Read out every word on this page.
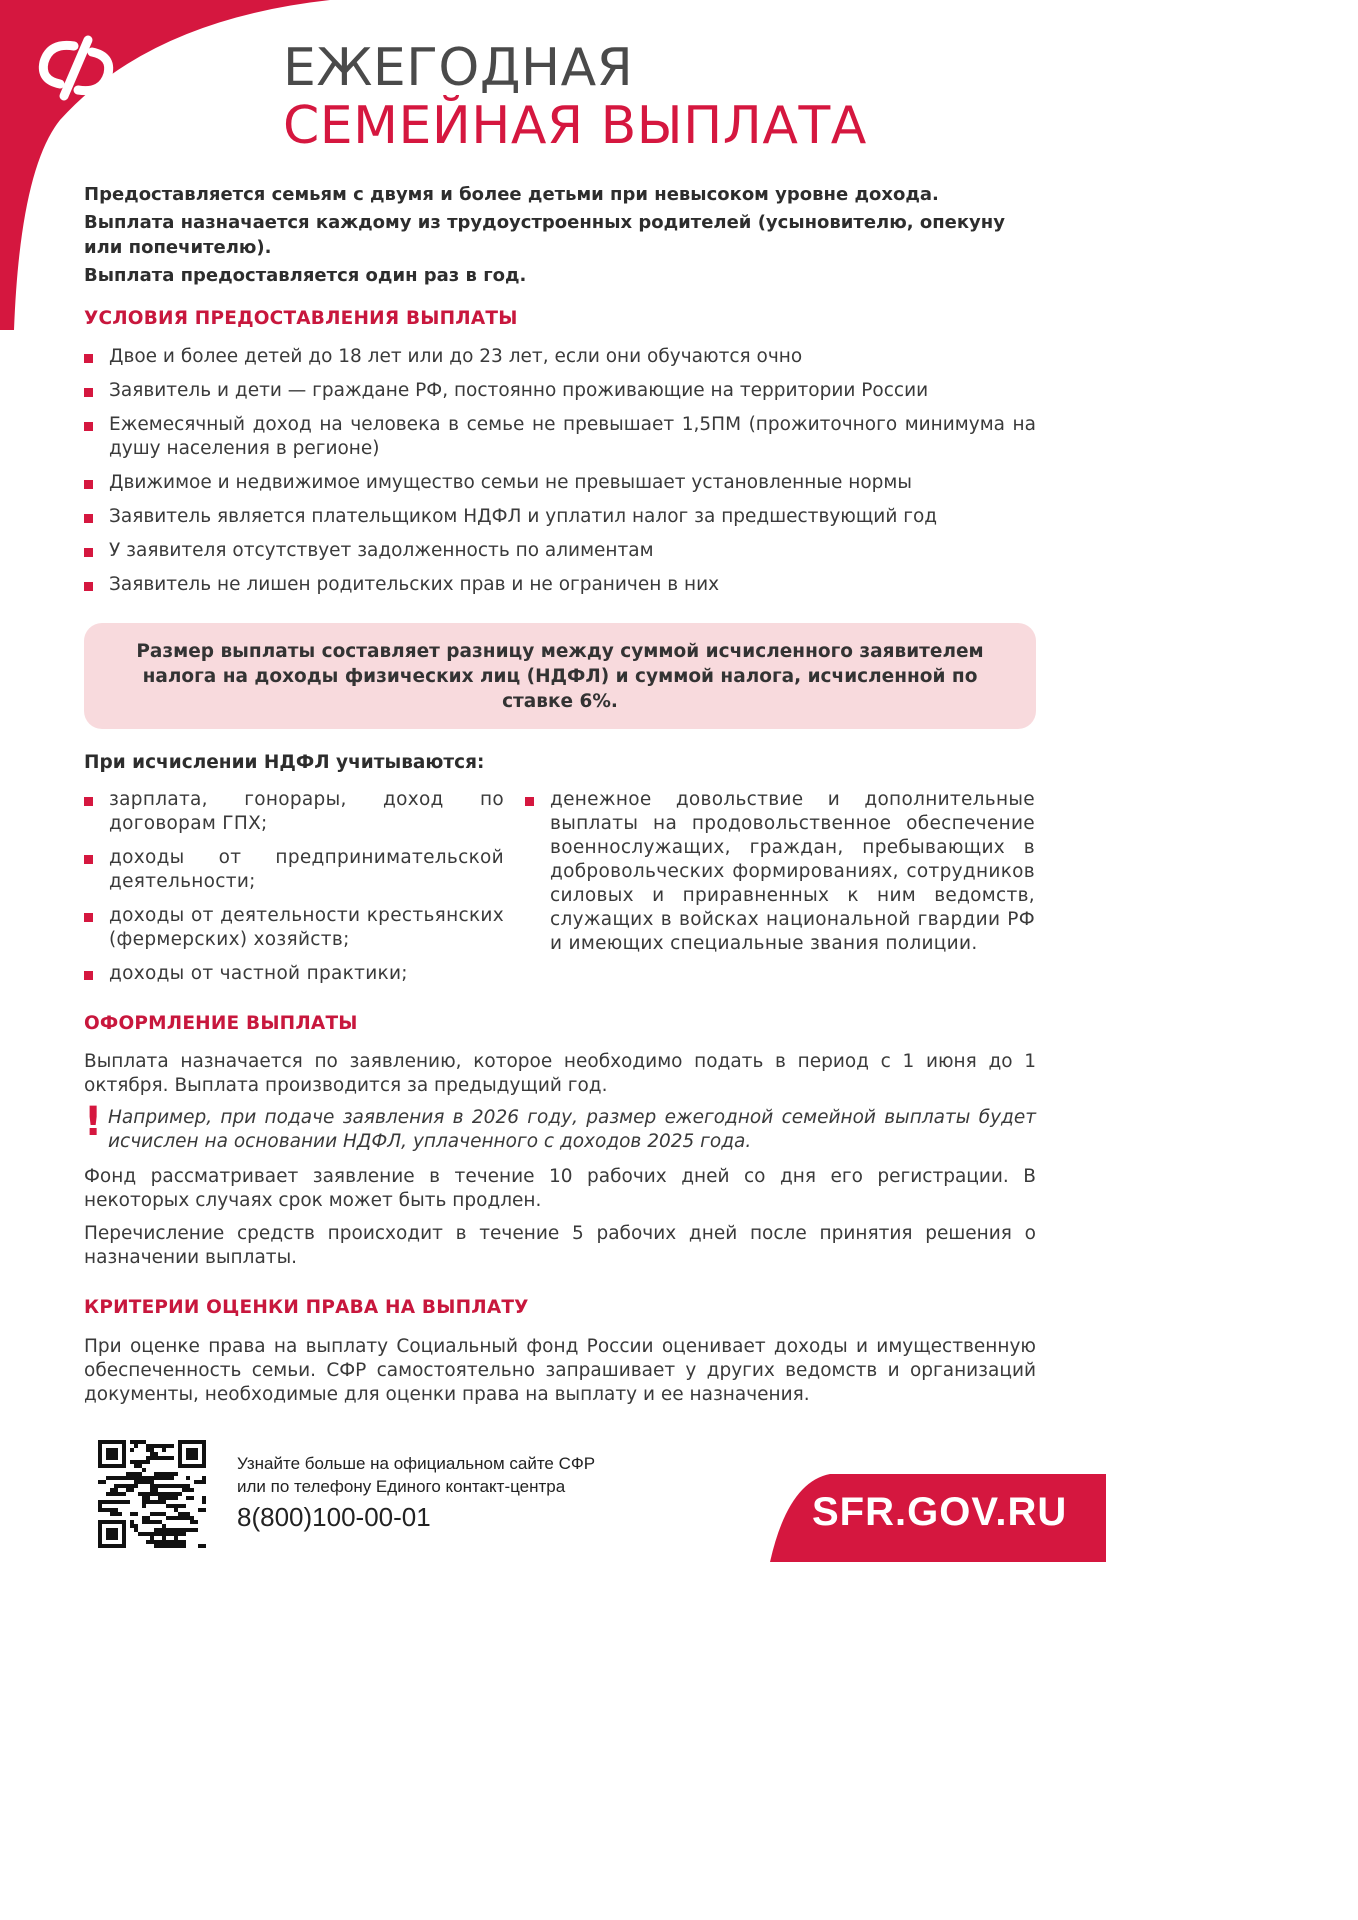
ЕЖЕГОДНАЯ
СЕМЕЙНАЯ ВЫПЛАТА

Предоставляется семьям с двумя и более детьми при невысоком уровне дохода.

Выплата назначается каждому из трудоустроенных родителей (усыновителю, опекуну или попечителю).

Выплата предоставляется один раз в год.

УСЛОВИЯ ПРЕДОСТАВЛЕНИЯ ВЫПЛАТЫ
Двое и более детей до 18 лет или до 23 лет, если они обучаются очно
Заявитель и дети — граждане РФ, постоянно проживающие на территории России
Ежемесячный доход на человека в семье не превышает 1,5ПМ (прожиточного минимума на душу населения в регионе)
Движимое и недвижимое имущество семьи не превышает установленные нормы
Заявитель является плательщиком НДФЛ и уплатил налог за предшествующий год
У заявителя отсутствует задолженность по алиментам
Заявитель не лишен родительских прав и не ограничен в них
Размер выплаты составляет разницу между суммой исчисленного заявителем налога на доходы физических лиц (НДФЛ) и суммой налога, исчисленной по ставке 6%.
При исчислении НДФЛ учитываются:
зарплата, гонорары, доход по договорам ГПХ;
доходы от предпринимательской деятельности;
доходы от деятельности крестьянских (фермерских) хозяйств;
доходы от частной практики;
денежное довольствие и дополнительные выплаты на продовольственное обеспечение военнослужащих, граждан, пребывающих в добровольческих формированиях, сотрудников силовых и приравненных к ним ведомств, служащих в войсках национальной гвардии РФ и имеющих специальные звания полиции.
ОФОРМЛЕНИЕ ВЫПЛАТЫ

Выплата назначается по заявлению, которое необходимо подать в период с 1 июня до 1 октября. Выплата производится за предыдущий год.

! Например, при подаче заявления в 2026 году, размер ежегодной семейной выплаты будет исчислен на основании НДФЛ, уплаченного с доходов 2025 года.

Фонд рассматривает заявление в течение 10 рабочих дней со дня его регистрации. В некоторых случаях срок может быть продлен.

Перечисление средств происходит в течение 5 рабочих дней после принятия решения о назначении выплаты.

КРИТЕРИИ ОЦЕНКИ ПРАВА НА ВЫПЛАТУ

При оценке права на выплату Социальный фонд России оценивает доходы и имущественную обеспеченность семьи. СФР самостоятельно запрашивает у других ведомств и организаций документы, необходимые для оценки права на выплату и ее назначения.

Узнайте больше на официальном сайте СФР
или по телефону Единого контакт-центра
8(800)100-00-01	SFR.GOV.RU
